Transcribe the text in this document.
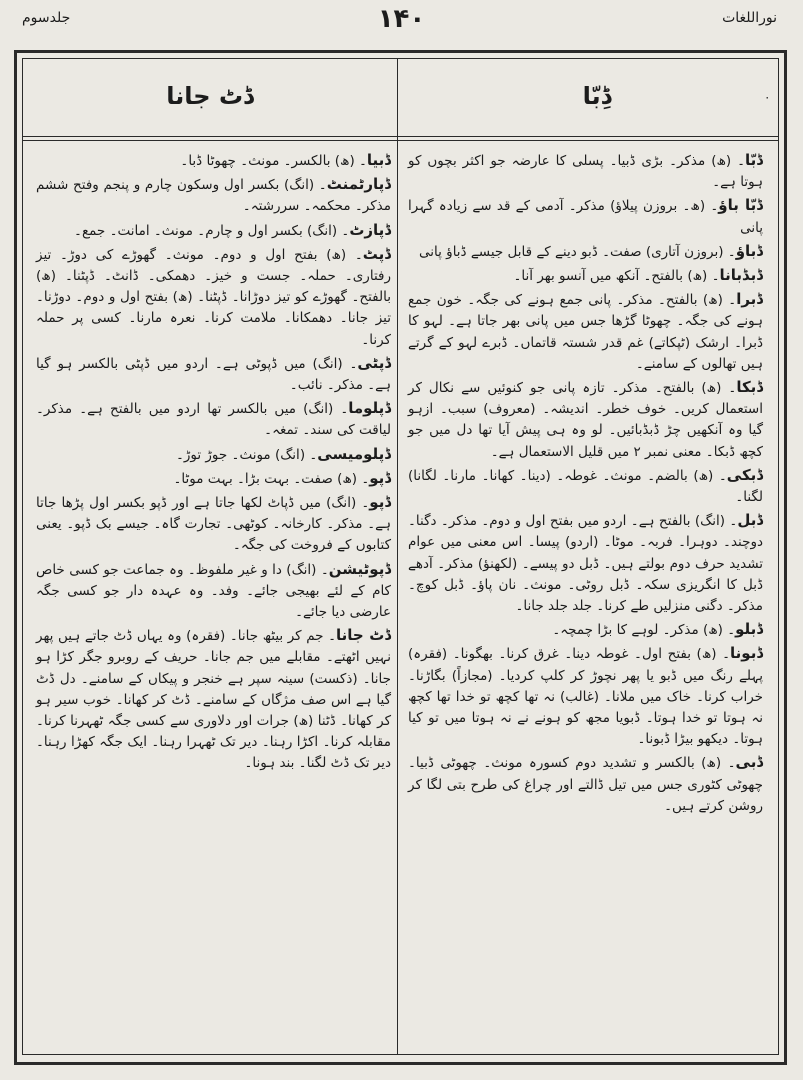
نوراللغات
۱۴۰
جلدسوم
ڈِبّا	۰
ڈٹ جانا
ڈبّا۔ (ھ) مذکر۔ بڑی ڈبیا۔ پسلی کا عارضہ جو اکثر بچوں کو ہوتا ہے۔
ڈبّا باؤ۔ (ھ۔ بروزن پیلاؤ) مذکر۔ آدمی کے قد سے زیادہ گہرا پانی
ڈباؤ۔ (بروزن آتاری) صفت۔ ڈبو دینے کے قابل جیسے ڈباؤ پانی
ڈبڈبانا۔ (ھ) بالفتح۔ آنکھ میں آنسو بھر آنا۔
ڈبرا۔ (ھ) بالفتح۔ مذکر۔ پانی جمع ہونے کی جگہ۔ خون جمع ہونے کی جگہ۔ چھوٹا گڑھا جس میں پانی بھر جاتا ہے۔ لہو کا ڈبرا۔ ارشک (ٹپکاتے) غم قدر شستہ قاتماں۔ ڈبرے لہو کے گرتے ہیں تھالوں کے سامنے۔
ڈبکا۔ (ھ) بالفتح۔ مذکر۔ تازہ پانی جو کنوئیں سے نکال کر استعمال کریں۔ خوف خطر۔ اندیشہ۔ (معروف) سبب۔ ازہو گیا وہ آنکھیں چڑ ڈبڈبائیں۔ لو وہ ہی پیش آیا تھا دل میں جو کچھ ڈبکا۔ معنی نمبر ۲ میں قلیل الاستعمال ہے۔
ڈبکی۔ (ھ) بالضم۔ مونث۔ غوطہ۔ (دینا۔ کھانا۔ مارنا۔ لگانا) لگنا۔
ڈبل۔ (انگ) بالفتح ہے۔ اردو میں بفتح اول و دوم۔ مذکر۔ دگنا۔ دوچند۔ دوہرا۔ فربہ۔ موٹا۔ (اردو) پیسا۔ اس معنی میں عوام تشدید حرف دوم بولتے ہیں۔ ڈبل دو پیسے۔ (لکھنؤ) مذکر۔ آدھے ڈبل کا انگریزی سکہ۔ ڈبل روٹی۔ مونث۔ نان پاؤ۔ ڈبل کوچ۔ مذکر۔ دگنی منزلیں طے کرنا۔ جلد جلد جانا۔
ڈبلو۔ (ھ) مذکر۔ لوہے کا بڑا چمچہ۔
ڈبونا۔ (ھ) بفتح اول۔ غوطہ دینا۔ غرق کرنا۔ بھگونا۔ (فقرہ) پہلے رنگ میں ڈبو یا پھر نچوڑ کر کلپ کردیا۔ (مجازاً) بگاڑنا۔ خراب کرنا۔ خاک میں ملانا۔ (غالب) نہ تھا کچھ تو خدا تھا کچھ نہ ہوتا تو خدا ہوتا۔ ڈبویا مجھ کو ہونے نے نہ ہوتا میں تو کیا ہوتا۔ دیکھو بیڑا ڈبونا۔
ڈبی۔ (ھ) بالکسر و تشدید دوم کسورہ مونث۔ چھوٹی ڈبیا۔ چھوٹی کٹوری جس میں تیل ڈالتے اور چراغ کی طرح بتی لگا کر روشن کرتے ہیں۔
ڈبیا۔ (ھ) بالکسر۔ مونث۔ چھوٹا ڈبا۔
ڈپارٹمنٹ۔ (انگ) بکسر اول وسکون چارم و پنجم وفتح ششم مذکر۔ محکمہ۔ سررشتہ۔
ڈپازٹ۔ (انگ) بکسر اول و چارم۔ مونث۔ امانت۔ جمع۔
ڈپٹ۔ (ھ) بفتح اول و دوم۔ مونث۔ گھوڑے کی دوڑ۔ تیز رفتاری۔ حملہ۔ جست و خیز۔ دھمکی۔ ڈانٹ۔ ڈپٹنا۔ (ھ) بالفتح۔ گھوڑے کو تیز دوڑانا۔ ڈپٹنا۔ (ھ) بفتح اول و دوم۔ دوڑنا۔ تیز جانا۔ دھمکانا۔ ملامت کرنا۔ نعرہ مارنا۔ کسی پر حملہ کرنا۔
ڈپٹی۔ (انگ) میں ڈپوٹی ہے۔ اردو میں ڈپٹی بالکسر ہو گیا ہے۔ مذکر۔ نائب۔
ڈپلوما۔ (انگ) میں بالکسر تھا اردو میں بالفتح ہے۔ مذکر۔ لیاقت کی سند۔ تمغہ۔
ڈپلومیسی۔ (انگ) مونث۔ جوڑ توڑ۔
ڈپو۔ (ھ) صفت۔ بہت بڑا۔ بہت موٹا۔
ڈپو۔ (انگ) میں ڈپاٹ لکھا جاتا ہے اور ڈپو بکسر اول پڑھا جاتا ہے۔ مذکر۔ کارخانہ۔ کوٹھی۔ تجارت گاہ۔ جیسے بک ڈپو۔ یعنی کتابوں کے فروخت کی جگہ۔
ڈپوٹیشن۔ (انگ) دا و غیر ملفوظ۔ وہ جماعت جو کسی خاص کام کے لئے بھیجی جائے۔ وفد۔ وہ عہدہ دار جو کسی جگہ عارضی دیا جائے۔
ڈٹ جانا۔ جم کر بیٹھ جانا۔ (فقرہ) وہ یہاں ڈٹ جاتے ہیں پھر نہیں اٹھتے۔ مقابلے میں جم جانا۔ حریف کے روبرو جگر کڑا ہو جانا۔ (ذکست) سینہ سپر ہے خنجر و پیکاں کے سامنے۔ دل ڈٹ گیا ہے اس صف مژگاں کے سامنے۔ ڈٹ کر کھانا۔ خوب سیر ہو کر کھانا۔ ڈٹنا (ھ) جرات اور دلاوری سے کسی جگہ ٹھہرنا کرنا۔ مقابلہ کرنا۔ اکڑا رہنا۔ دیر تک ٹھہرا رہنا۔ ایک جگہ کھڑا رہنا۔ دیر تک ڈٹ لگنا۔ بند ہونا۔
